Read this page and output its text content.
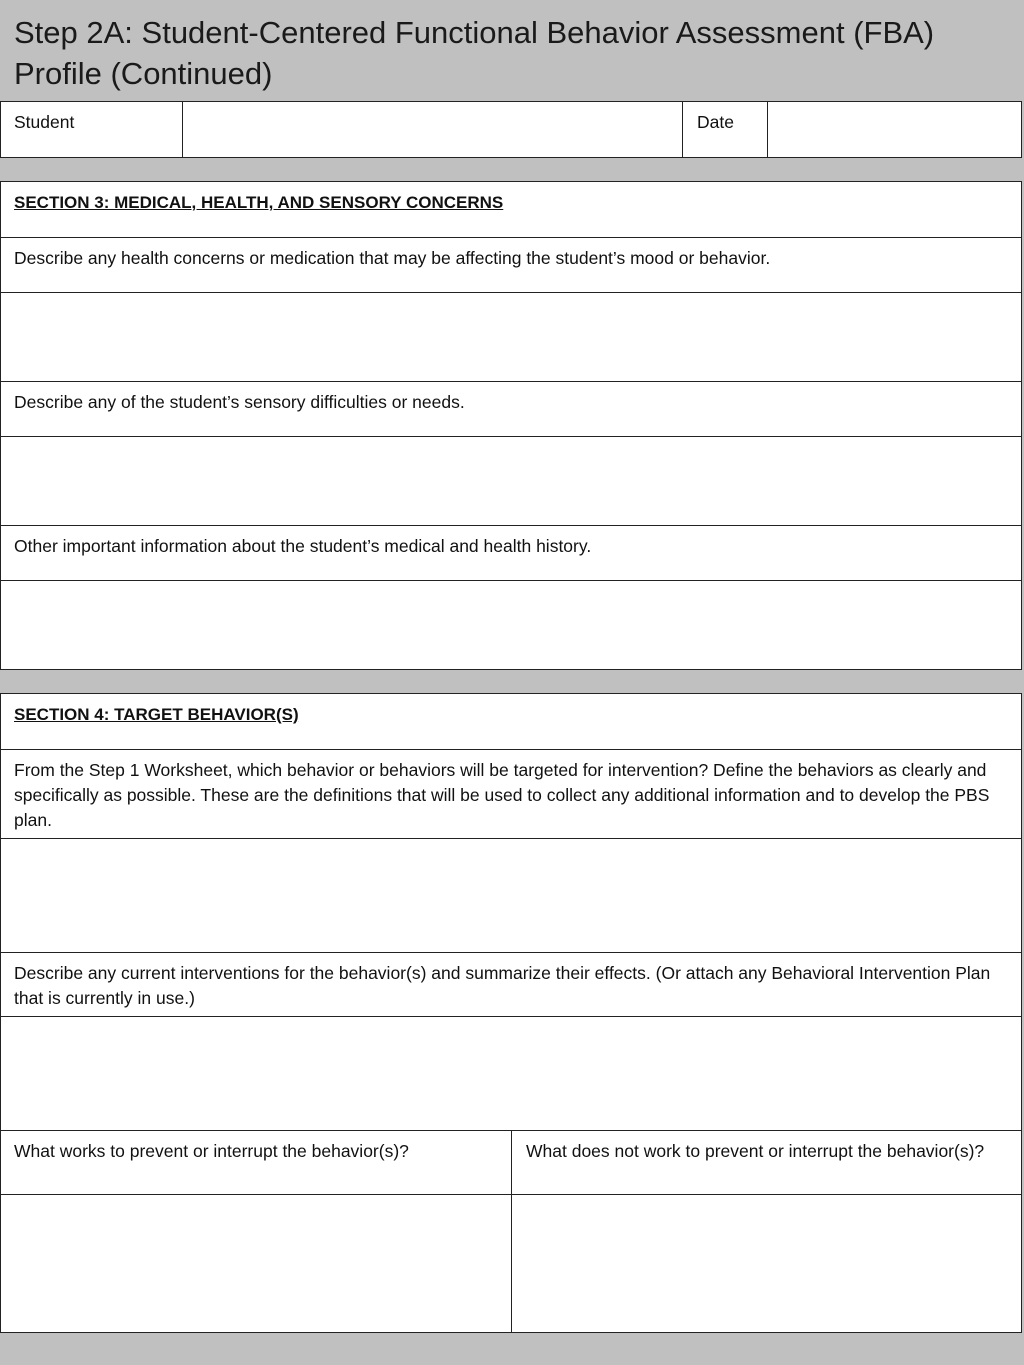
Step 2A: Student-Centered Functional Behavior Assessment (FBA) Profile (Continued)
Student	Date
SECTION 3: MEDICAL, HEALTH, AND SENSORY CONCERNS
Describe any health concerns or medication that may be affecting the student’s mood or behavior.
Describe any of the student’s sensory difficulties or needs.
Other important information about the student’s medical and health history.
SECTION 4: TARGET BEHAVIOR(S)
From the Step 1 Worksheet, which behavior or behaviors will be targeted for intervention? Define the behaviors as clearly and specifically as possible. These are the definitions that will be used to collect any additional information and to develop the PBS plan.
Describe any current interventions for the behavior(s) and summarize their effects. (Or attach any Behavioral Intervention Plan that is currently in use.)
What works to prevent or interrupt the behavior(s)?	What does not work to prevent or interrupt the behavior(s)?
